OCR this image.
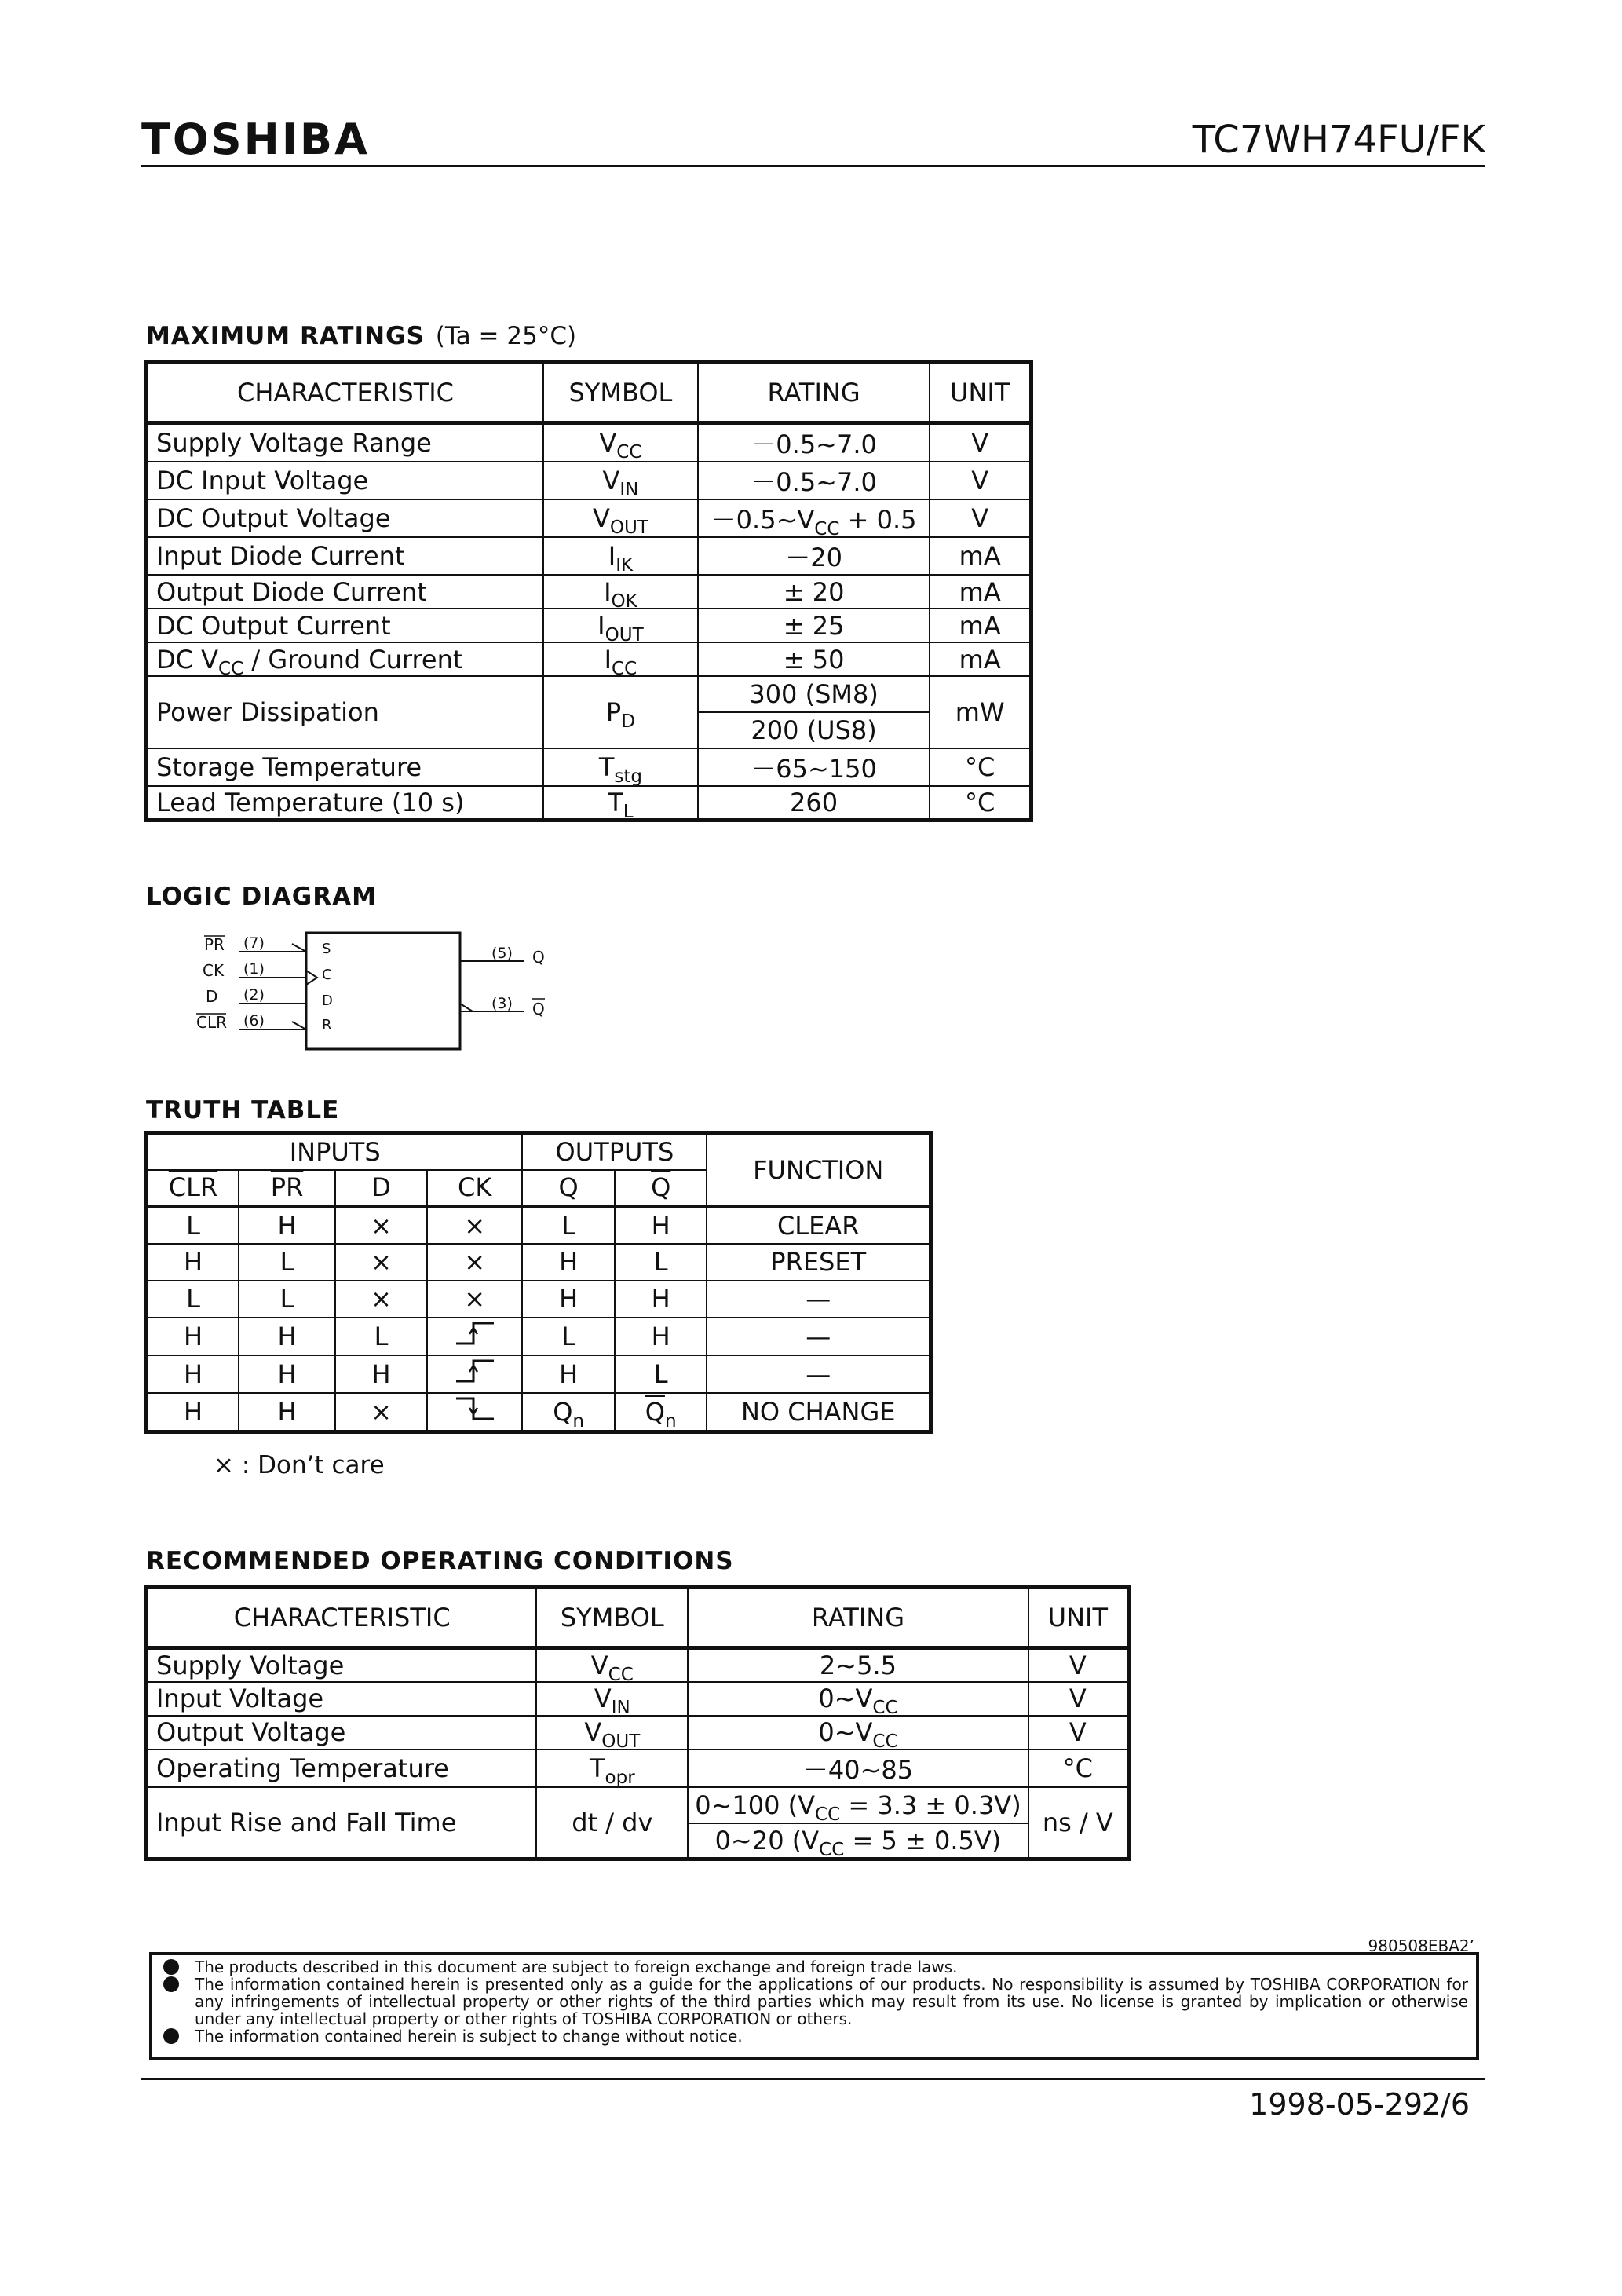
TOSHIBA	TC7WH74FU/FK
MAXIMUM RATINGS (Ta = 25°C)
CHARACTERISTIC	SYMBOL	RATING	UNIT
Supply Voltage Range	$V_{CC}$	－0.5~7.0	V
DC Input Voltage	$V_{IN}$	－0.5~7.0	V
DC Output Voltage	$V_{OUT}$	$-0.5\sim V_{CC} + 0.5$	V
Input Diode Current	$I_{IK}$	－20	mA
Output Diode Current	$I_{OK}$	± 20	mA
DC Output Current	$I_{OUT}$	± 25	mA
DC $V_{CC}$ / Ground Current	$I_{CC}$	± 50	mA
Power Dissipation	$P_D$	300 (SM8)	mW
		200 (US8)	
Storage Temperature	$T_{stg}$	－65~150	°C
Lead Temperature (10 s)	$T_L$	260	°C
LOGIC DIAGRAM
PR
CK
D
CLR
(7)
(1)
(2)
(6)
S
C
D
R
(5) Q
(3) Q
TRUTH TABLE
INPUTS				OUTPUTS		FUNCTION
$\overline{CLR}$	$\overline{PR}$	D	CK	Q	$\overline{Q}$
L	H	×	×	L	H	CLEAR
H	L	×	×	H	L	PRESET
L	L	×	×	H	H	—
H	H	L		L	H	—
H	H	H		H	L	—
H	H	×		$Q_n$	$\overline{Q}_n$	NO CHANGE
× : Don’t care
RECOMMENDED OPERATING CONDITIONS
CHARACTERISTIC	SYMBOL	RATING	UNIT
Supply Voltage	$V_{CC}$	2~5.5	V
Input Voltage	$V_{IN}$	$0\sim V_{CC}$	V
Output Voltage	$V_{OUT}$	$0\sim V_{CC}$	V
Operating Temperature	$T_{opr}$	－40~85	°C
Input Rise and Fall Time	dt / dv	0~100 $(V_{CC} = 3.3 \pm 0.3V)$	ns / V
		0~20 $(V_{CC} = 5 \pm 0.5V)$	
980508EBA2’
The products described in this document are subject to foreign exchange and foreign trade laws.
The information contained herein is presented only as a guide for the applications of our products. No responsibility is assumed by TOSHIBA CORPORATION for any infringements of intellectual property or other rights of the third parties which may result from its use. No license is granted by implication or otherwise under any intellectual property or other rights of TOSHIBA CORPORATION or others.
The information contained herein is subject to change without notice.
1998-05-29
2/6
